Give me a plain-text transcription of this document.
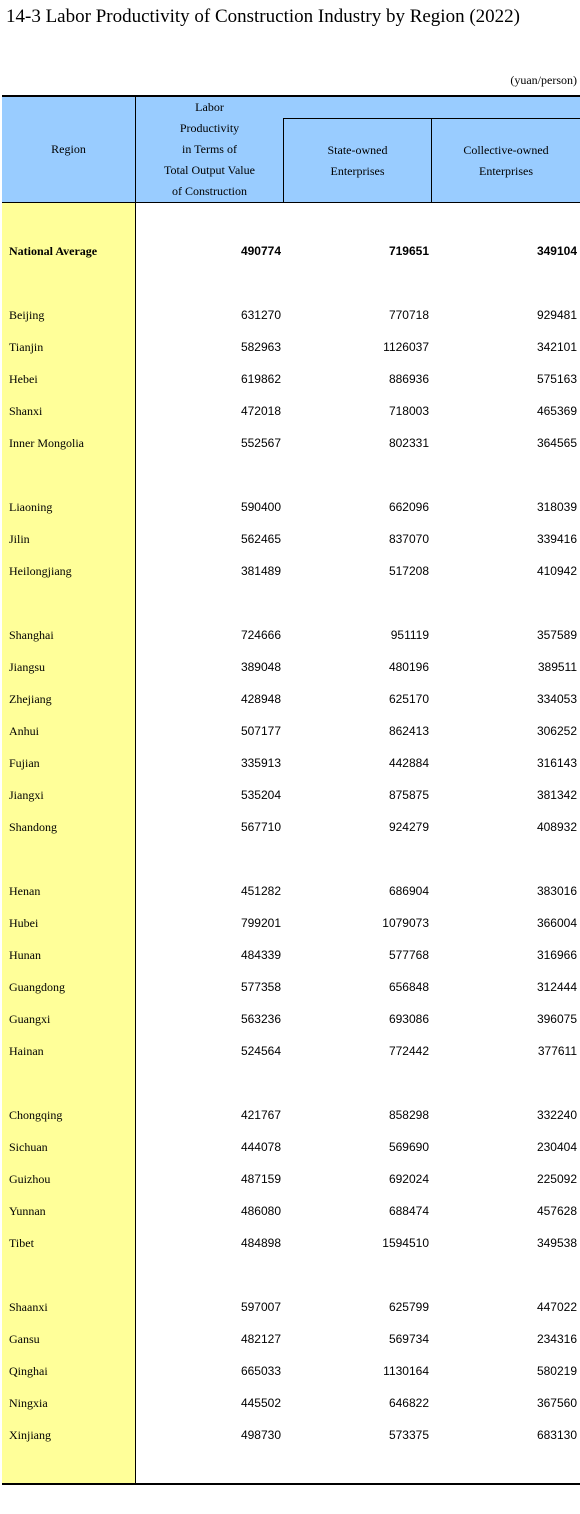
14-3 Labor Productivity of Construction Industry by Region (2022)
(yuan/person)
Region
Labor
Productivity
in Terms of
Total Output Value
of Construction
State-owned
Enterprises
Collective-owned
Enterprises
National Average	490774	719651	349104
Beijing	631270	770718	929481
Tianjin	582963	1126037	342101
Hebei	619862	886936	575163
Shanxi	472018	718003	465369
Inner Mongolia	552567	802331	364565
Liaoning	590400	662096	318039
Jilin	562465	837070	339416
Heilongjiang	381489	517208	410942
Shanghai	724666	951119	357589
Jiangsu	389048	480196	389511
Zhejiang	428948	625170	334053
Anhui	507177	862413	306252
Fujian	335913	442884	316143
Jiangxi	535204	875875	381342
Shandong	567710	924279	408932
Henan	451282	686904	383016
Hubei	799201	1079073	366004
Hunan	484339	577768	316966
Guangdong	577358	656848	312444
Guangxi	563236	693086	396075
Hainan	524564	772442	377611
Chongqing	421767	858298	332240
Sichuan	444078	569690	230404
Guizhou	487159	692024	225092
Yunnan	486080	688474	457628
Tibet	484898	1594510	349538
Shaanxi	597007	625799	447022
Gansu	482127	569734	234316
Qinghai	665033	1130164	580219
Ningxia	445502	646822	367560
Xinjiang	498730	573375	683130
